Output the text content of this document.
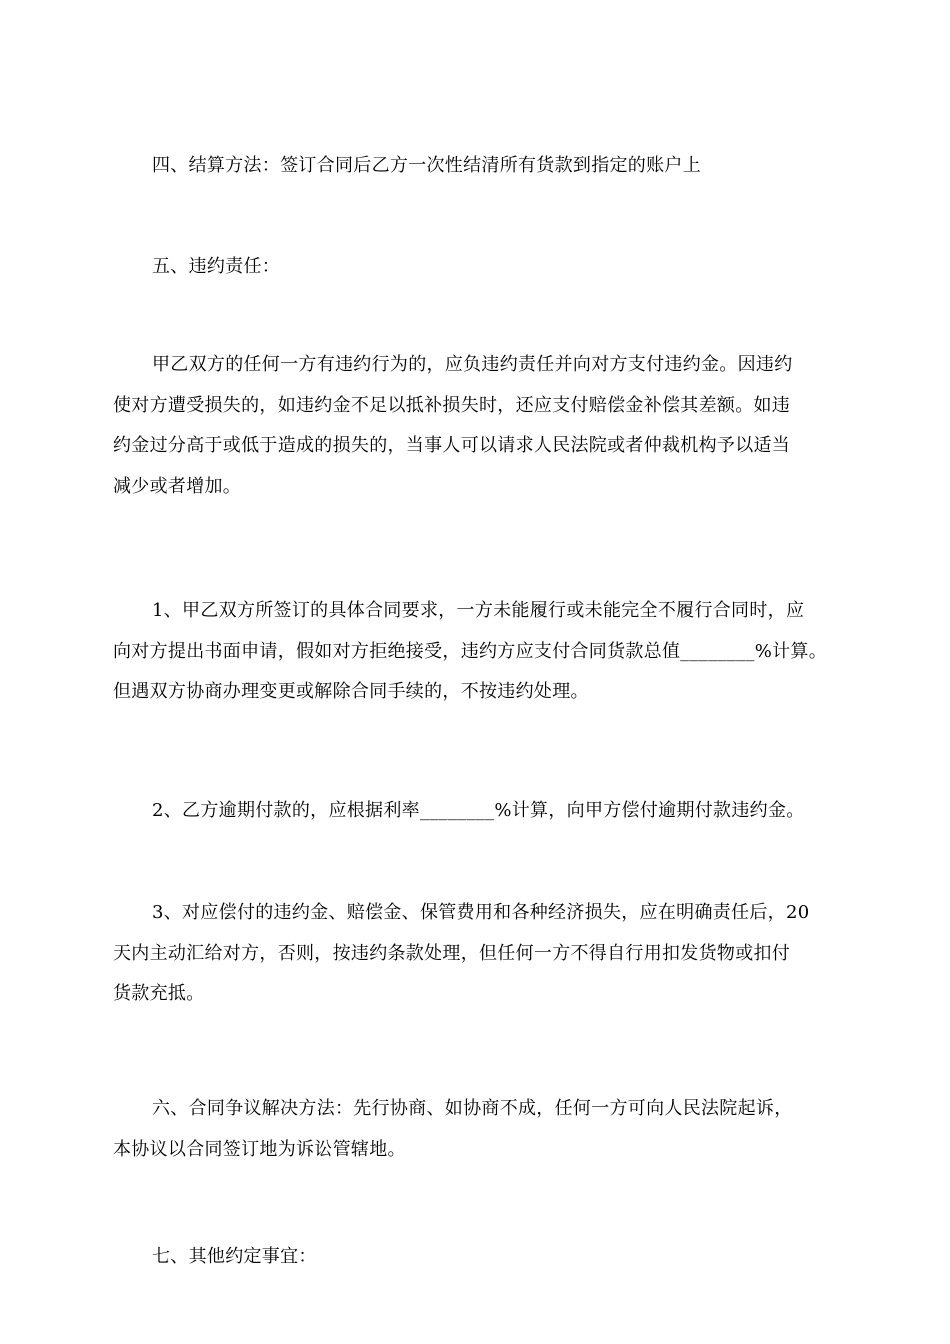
四、结算方法：签订合同后乙方一次性结清所有货款到指定的账户上
五、违约责任：
甲乙双方的任何一方有违约行为的，应负违约责任并向对方支付违约金。因违约
使对方遭受损失的，如违约金不足以抵补损失时，还应支付赔偿金补偿其差额。如违
约金过分高于或低于造成的损失的，当事人可以请求人民法院或者仲裁机构予以适当
减少或者增加。
1、甲乙双方所签订的具体合同要求，一方未能履行或未能完全不履行合同时，应
向对方提出书面申请，假如对方拒绝接受，违约方应支付合同货款总值________%计算。
但遇双方协商办理变更或解除合同手续的，不按违约处理。
2、乙方逾期付款的，应根据利率________%计算，向甲方偿付逾期付款违约金。
3、对应偿付的违约金、赔偿金、保管费用和各种经济损失，应在明确责任后，20
天内主动汇给对方，否则，按违约条款处理，但任何一方不得自行用扣发货物或扣付
货款充抵。
六、合同争议解决方法：先行协商、如协商不成，任何一方可向人民法院起诉，
本协议以合同签订地为诉讼管辖地。
七、其他约定事宜：
